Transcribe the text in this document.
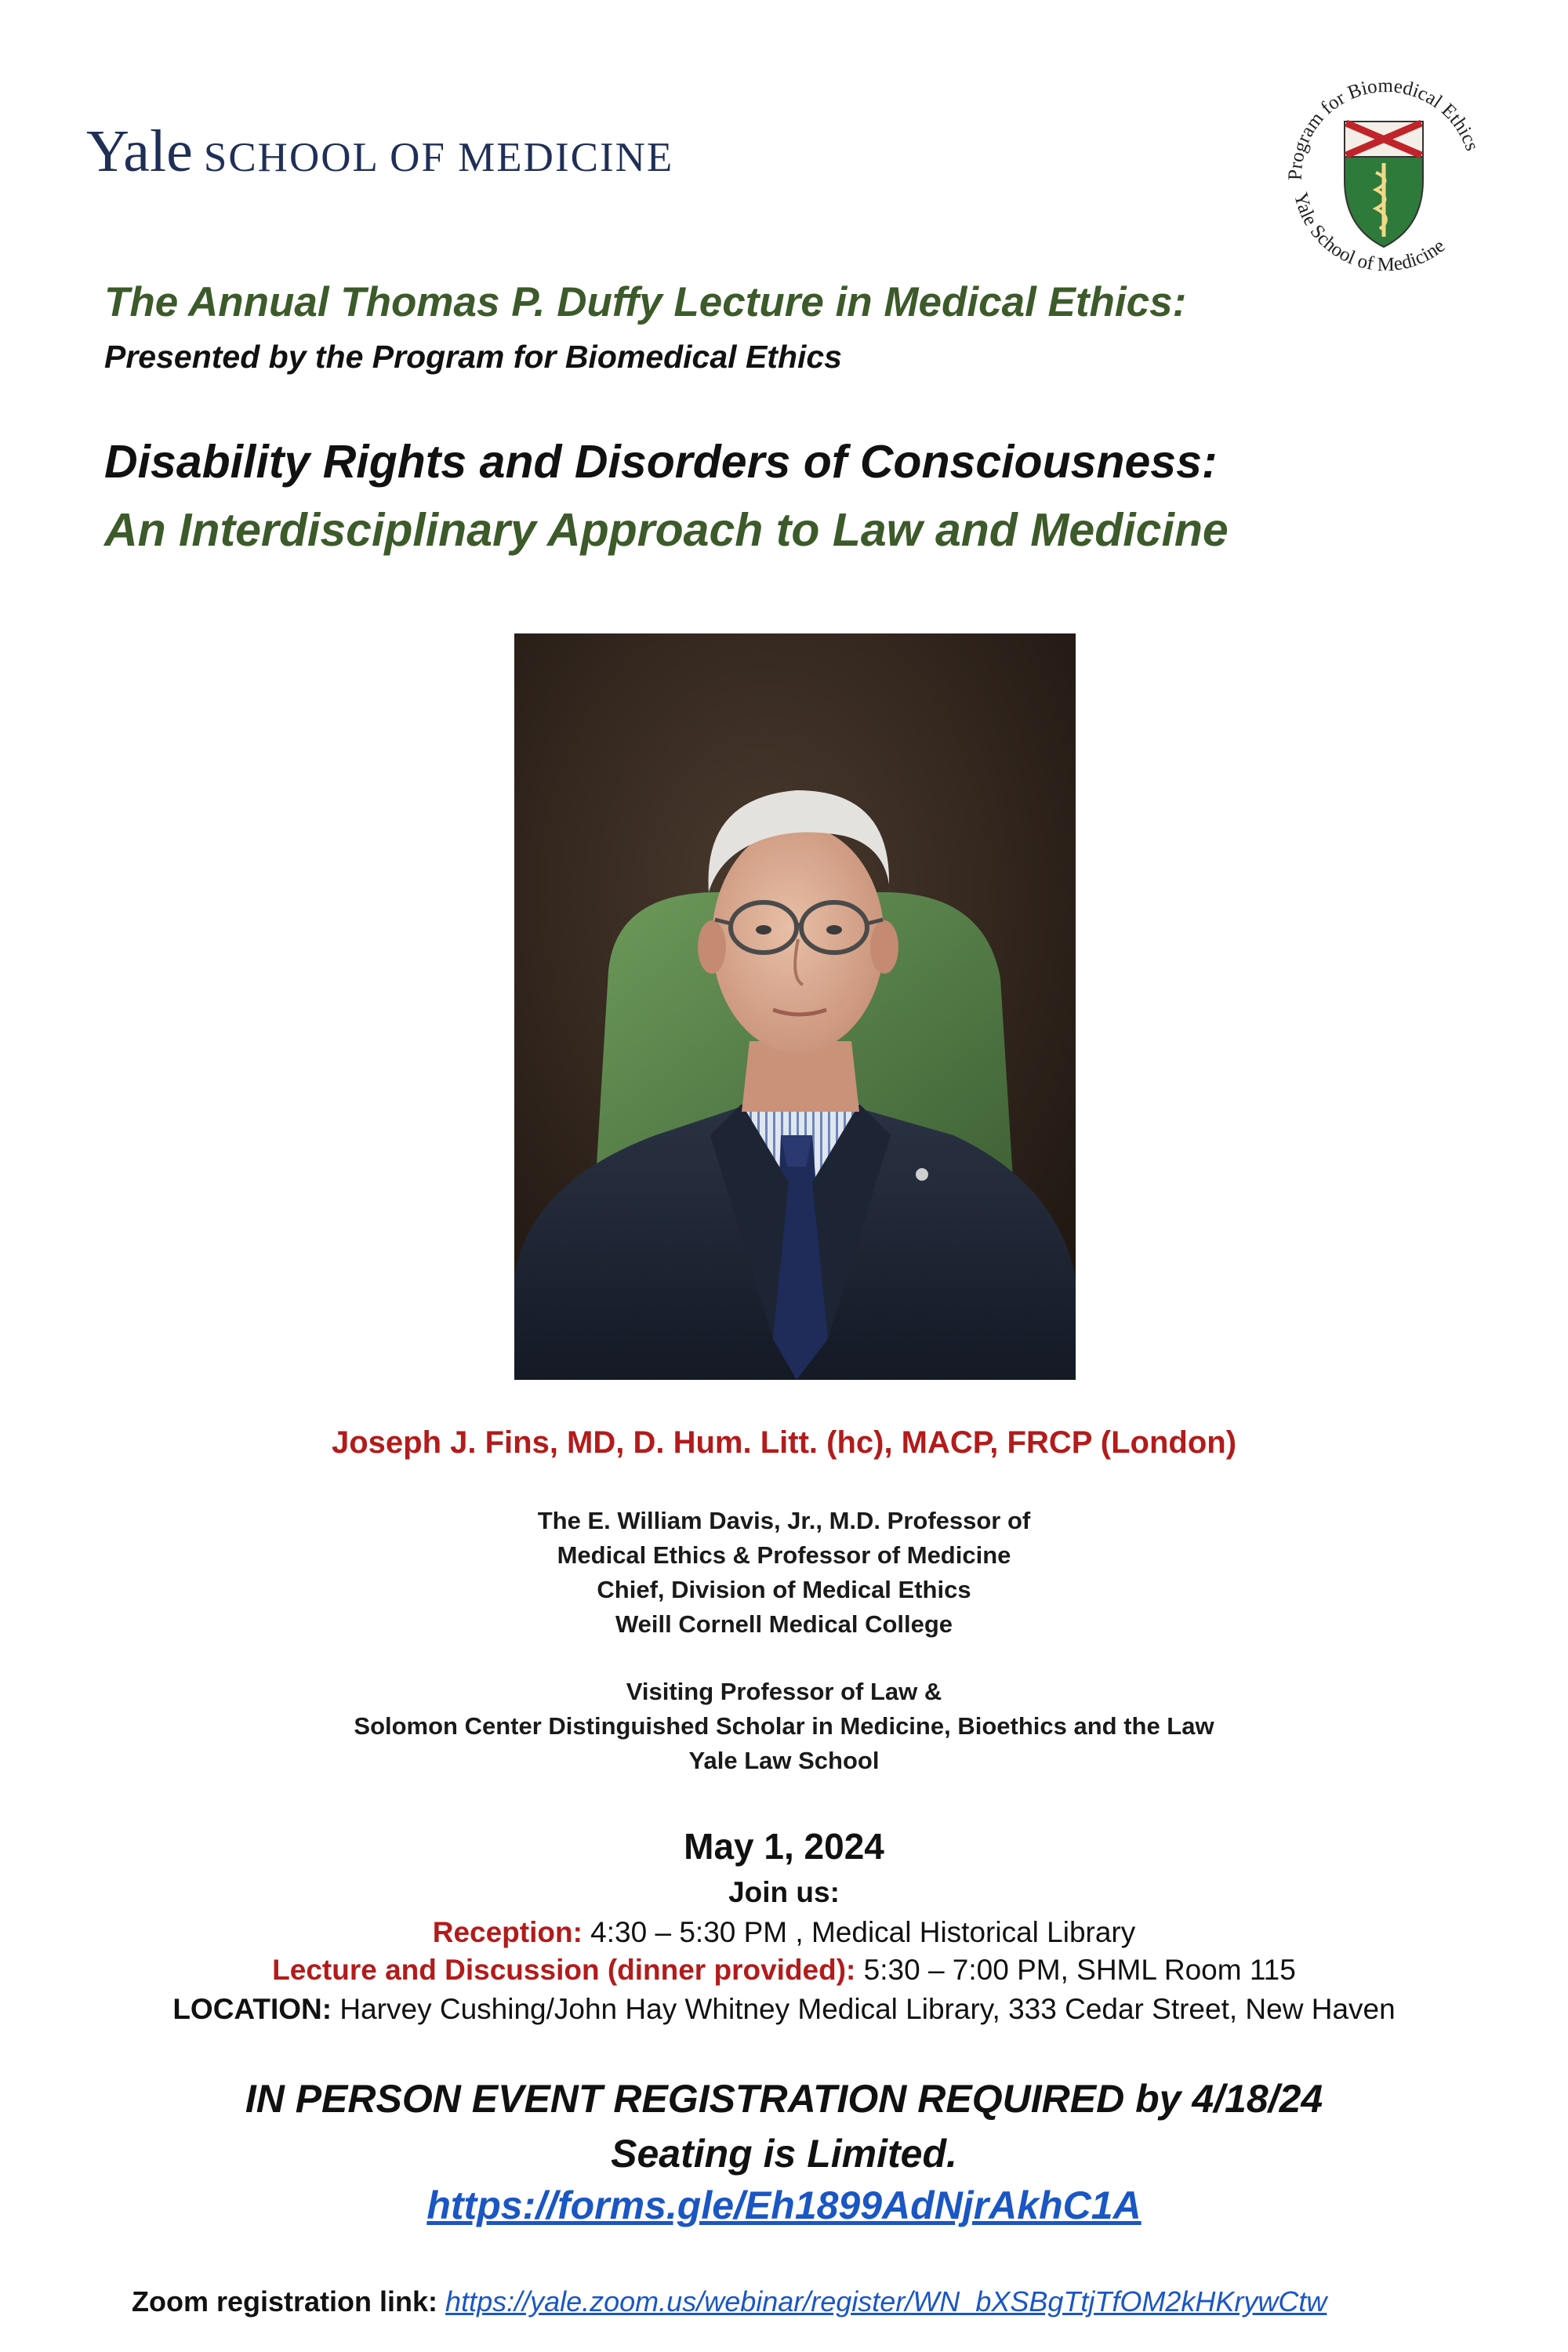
Yale SCHOOL OF MEDICINE	Program for Biomedical Ethics
Yale School of Medicine
The Annual Thomas P. Duffy Lecture in Medical Ethics:
Presented by the Program for Biomedical Ethics
Disability Rights and Disorders of Consciousness:
An Interdisciplinary Approach to Law and Medicine

Joseph J. Fins, MD, D. Hum. Litt. (hc), MACP, FRCP (London)

The E. William Davis, Jr., M.D. Professor of
Medical Ethics & Professor of Medicine
Chief, Division of Medical Ethics
Weill Cornell Medical College
Visiting Professor of Law &
Solomon Center Distinguished Scholar in Medicine, Bioethics and the Law
Yale Law School

May 1, 2024

Join us:

Reception: 4:30 – 5:30 PM , Medical Historical Library

Lecture and Discussion (dinner provided): 5:30 – 7:00 PM, SHML Room 115

LOCATION: Harvey Cushing/John Hay Whitney Medical Library, 333 Cedar Street, New Haven

IN PERSON EVENT REGISTRATION REQUIRED by 4/18/24

Seating is Limited.

https://forms.gle/Eh1899AdNjrAkhC1A

Zoom registration link: https://yale.zoom.us/webinar/register/WN_bXSBgTtjTfOM2kHKrywCtw
